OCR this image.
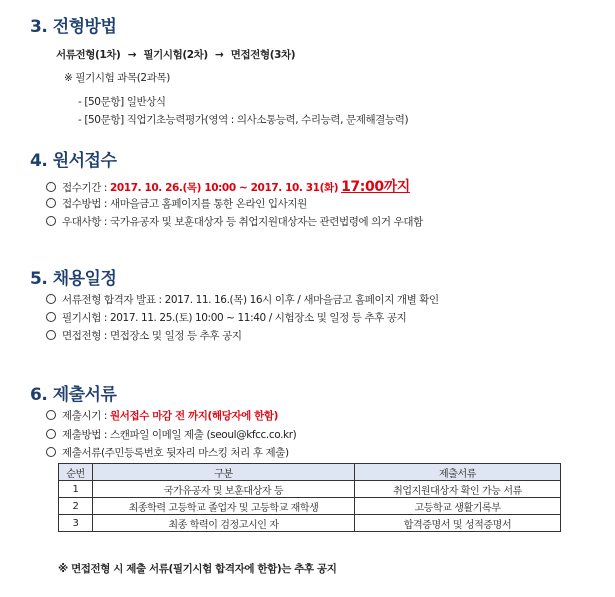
3. 전형방법
서류전형(1차) → 필기시험(2차) → 면접전형(3차)
※ 필기시험 과목(2과목)
- [50문항] 일반상식
- [50문항] 직업기초능력평가(영역 : 의사소통능력, 수리능력, 문제해결능력)
4. 원서접수
접수기간 : 2017. 10. 26.(목) 10:00 ~ 2017. 10. 31(화) 17:00까지
접수방법 : 새마을금고 홈페이지를 통한 온라인 입사지원
우대사항 : 국가유공자 및 보훈대상자 등 취업지원대상자는 관련법령에 의거 우대함
5. 채용일정
서류전형 합격자 발표 : 2017. 11. 16.(목) 16시 이후 / 새마을금고 홈페이지 개별 확인
필기시험 : 2017. 11. 25.(토) 10:00 ~ 11:40 / 시험장소 및 일정 등 추후 공지
면접전형 : 면접장소 및 일정 등 추후 공지
6. 제출서류
제출시기 : 원서접수 마감 전 까지(해당자에 한함)
제출방법 : 스캔파일 이메일 제출 (seoul@kfcc.co.kr)
제출서류(주민등록번호 뒷자리 마스킹 처리 후 제출)
순번	구분	제출서류
1	국가유공자 및 보훈대상자 등	취업지원대상자 확인 가능 서류
2	최종학력 고등학교 졸업자 및 고등학교 재학생	고등학교 생활기록부
3	최종 학력이 검정고시인 자	합격증명서 및 성적증명서
※ 면접전형 시 제출 서류(필기시험 합격자에 한함)는 추후 공지
